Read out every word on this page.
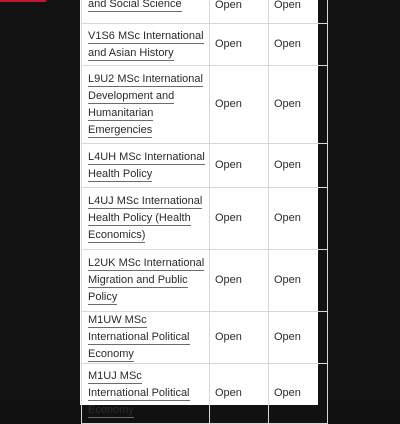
and Social Science	Open	Open
V1S6 MSc International and Asian History	Open	Open
L9U2 MSc International Development and Humanitarian Emergencies	Open	Open
L4UH MSc International Health Policy	Open	Open
L4UJ MSc International Health Policy (Health Economics)	Open	Open
L2UK MSc International Migration and Public Policy	Open	Open
M1UW MSc International Political Economy	Open	Open
M1UJ MSc International Political Economy	Open	Open
